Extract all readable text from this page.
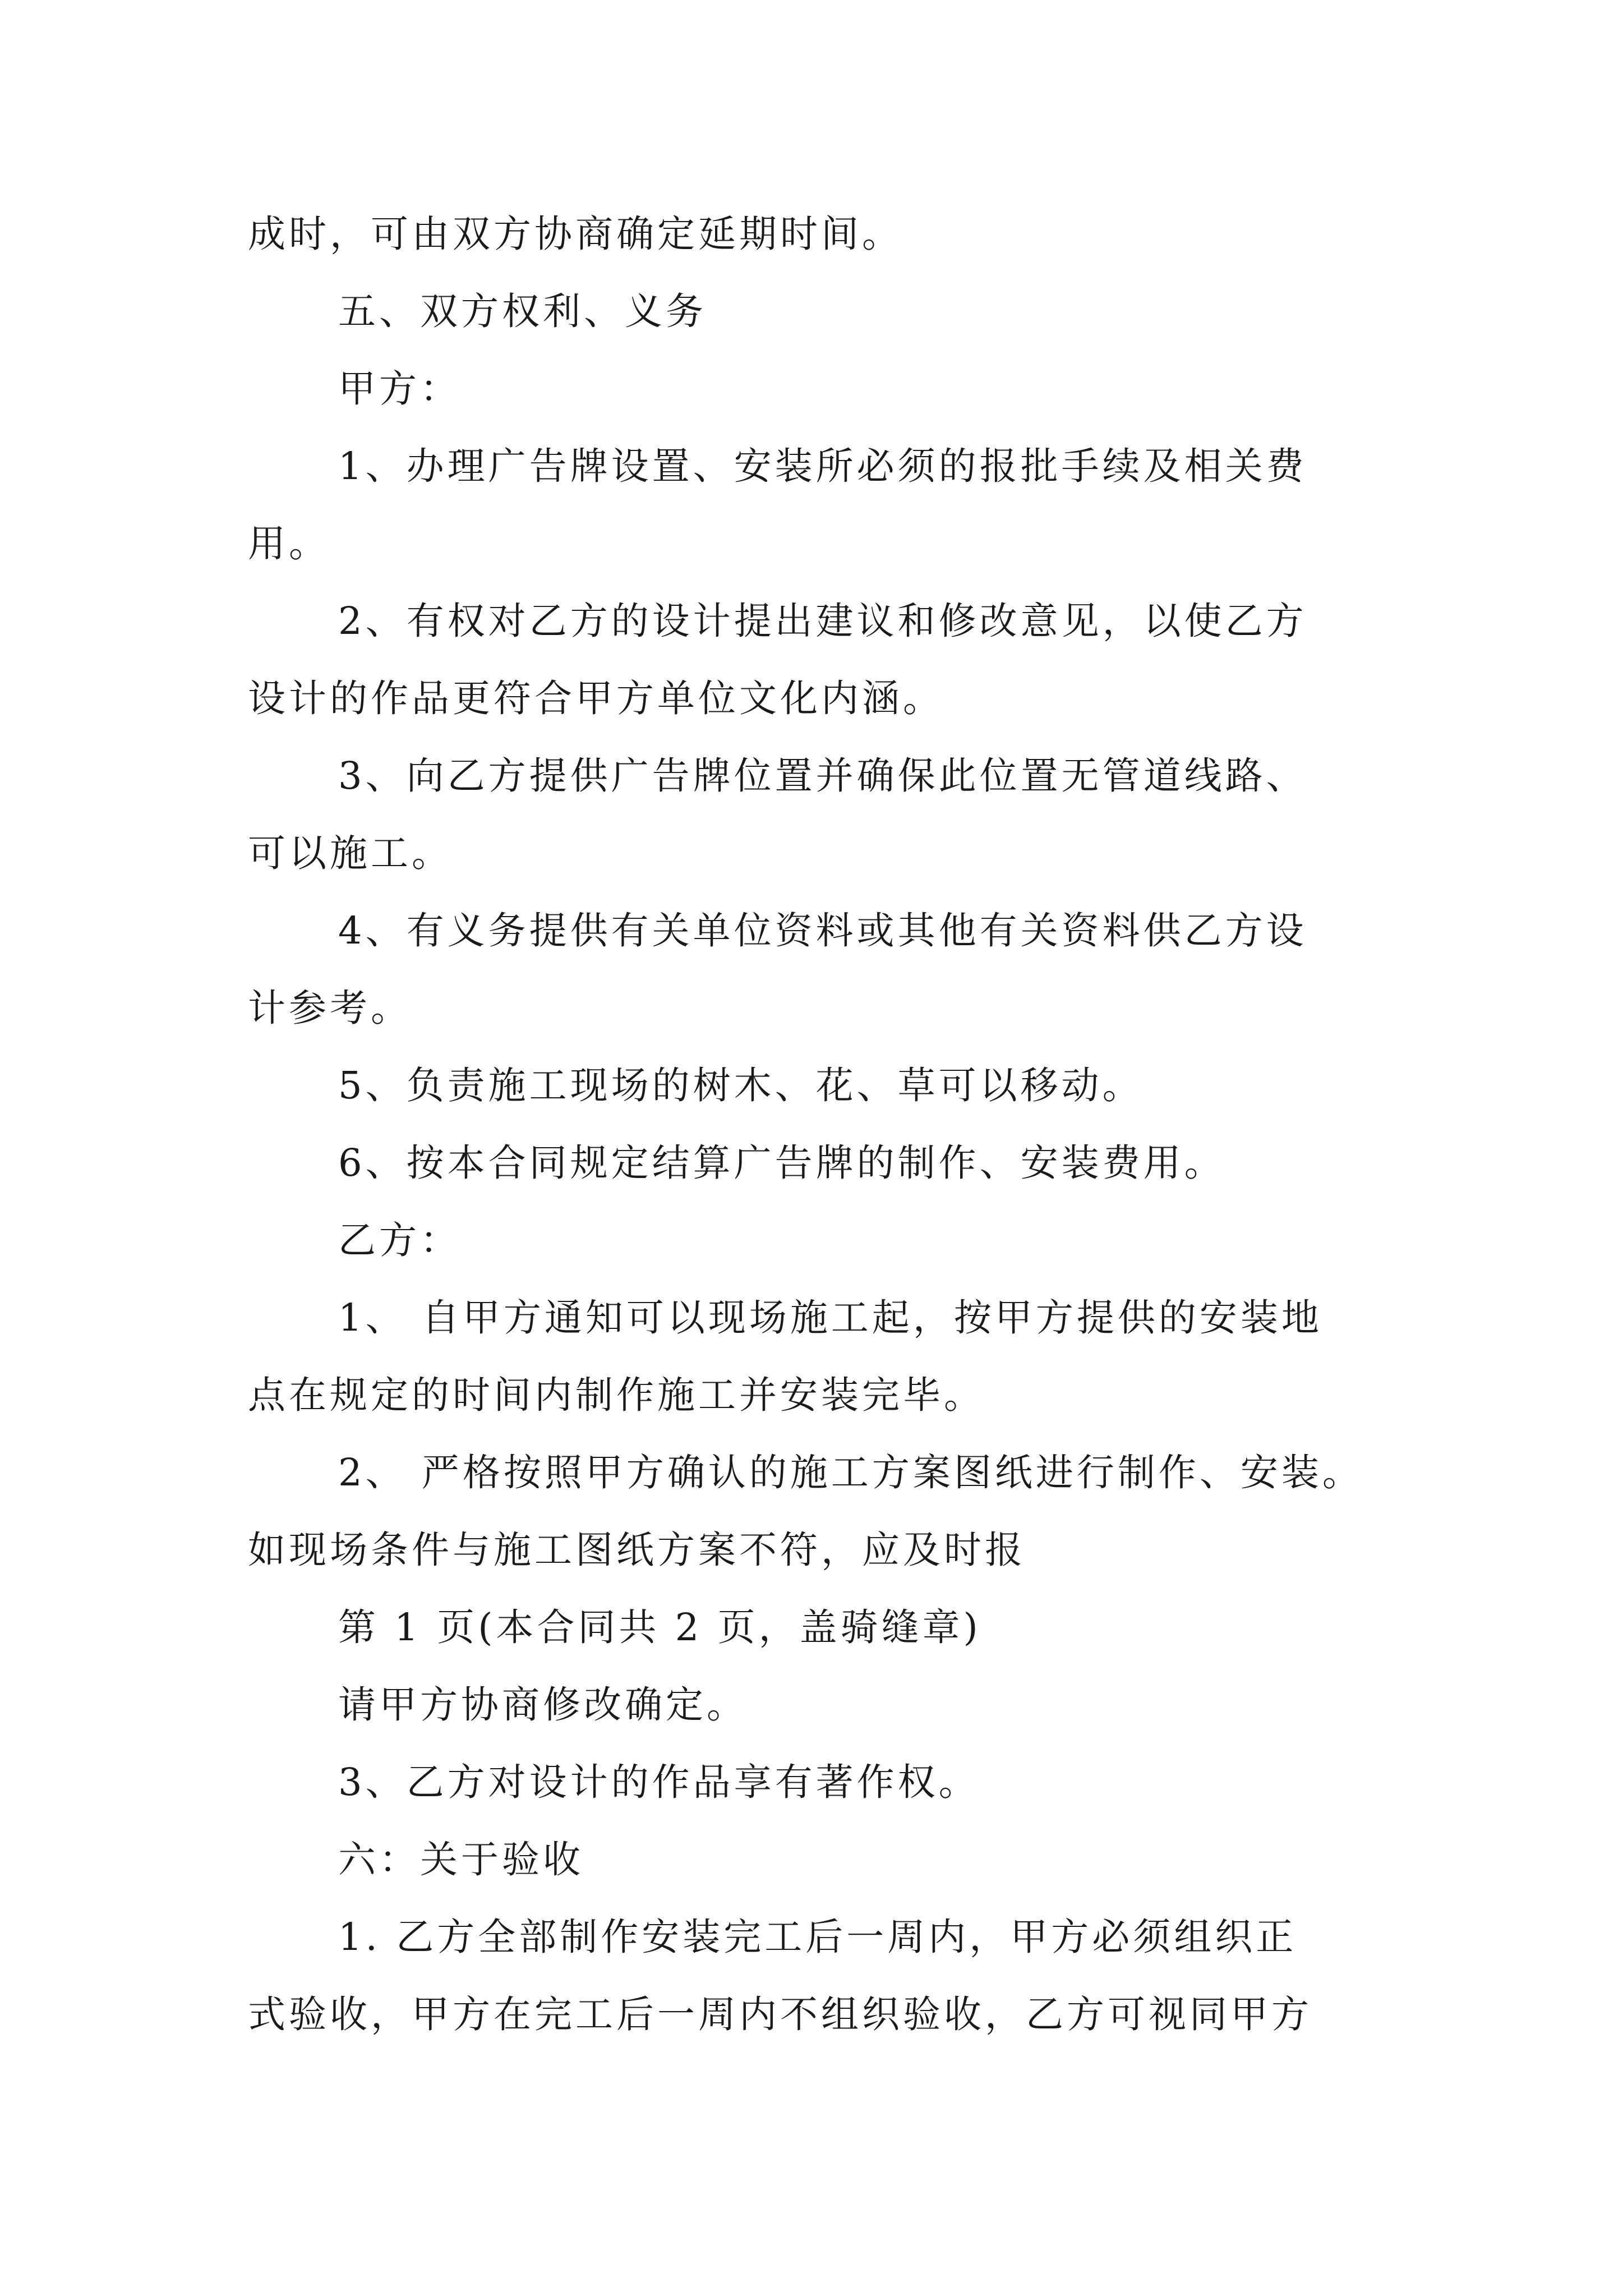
成时，可由双方协商确定延期时间。
五、双方权利、义务
甲方：
1、办理广告牌设置、安装所必须的报批手续及相关费
用。
2、有权对乙方的设计提出建议和修改意见，以使乙方
设计的作品更符合甲方单位文化内涵。
3、向乙方提供广告牌位置并确保此位置无管道线路、
可以施工。
4、有义务提供有关单位资料或其他有关资料供乙方设
计参考。
5、负责施工现场的树木、花、草可以移动。
6、按本合同规定结算广告牌的制作、安装费用。
乙方：
1、 自甲方通知可以现场施工起，按甲方提供的安装地
点在规定的时间内制作施工并安装完毕。
2、 严格按照甲方确认的施工方案图纸进行制作、安装。
如现场条件与施工图纸方案不符，应及时报
第 1 页(本合同共 2 页，盖骑缝章)
请甲方协商修改确定。
3、乙方对设计的作品享有著作权。
六：关于验收
1. 乙方全部制作安装完工后一周内，甲方必须组织正
式验收，甲方在完工后一周内不组织验收，乙方可视同甲方
